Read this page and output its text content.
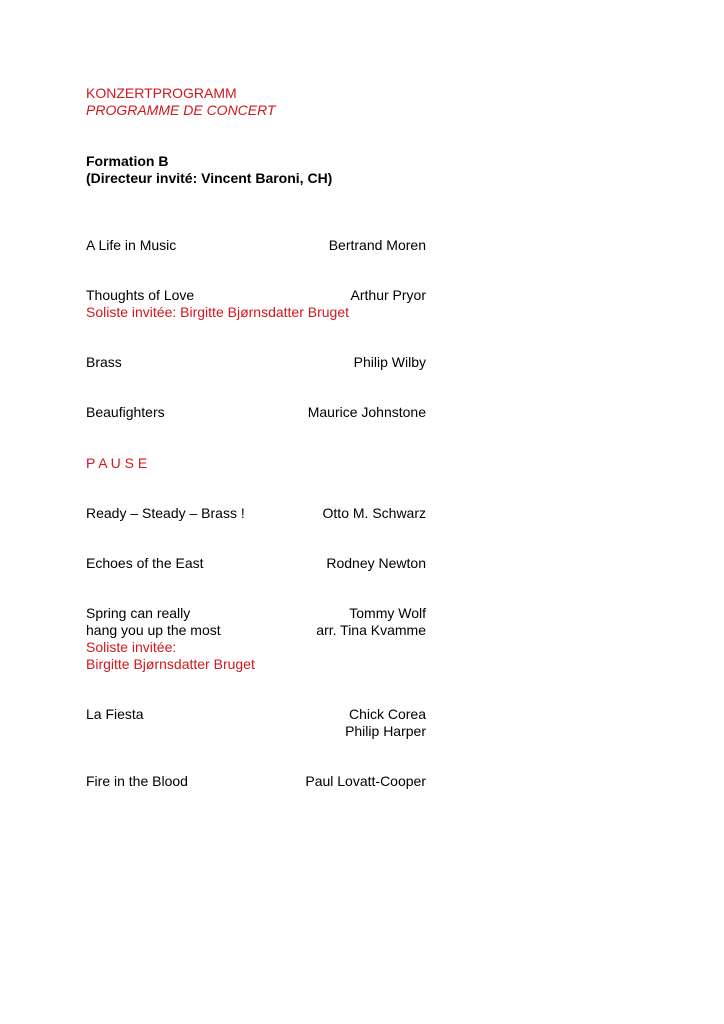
KONZERTPROGRAMM
PROGRAMME DE CONCERT
Formation B
(Directeur invité: Vincent Baroni, CH)
A Life in Music	Bertrand Moren
Thoughts of Love	Arthur Pryor
Soliste invitée: Birgitte Bjørnsdatter Bruget
Brass	Philip Wilby
Beaufighters	Maurice Johnstone
P A U S E
Ready – Steady – Brass !	Otto M. Schwarz
Echoes of the East	Rodney Newton
Spring can really	Tommy Wolf
hang you up the most	arr. Tina Kvamme
Soliste invitée:
Birgitte Bjørnsdatter Bruget
La Fiesta	Chick Corea
Philip Harper
Fire in the Blood	Paul Lovatt-Cooper
